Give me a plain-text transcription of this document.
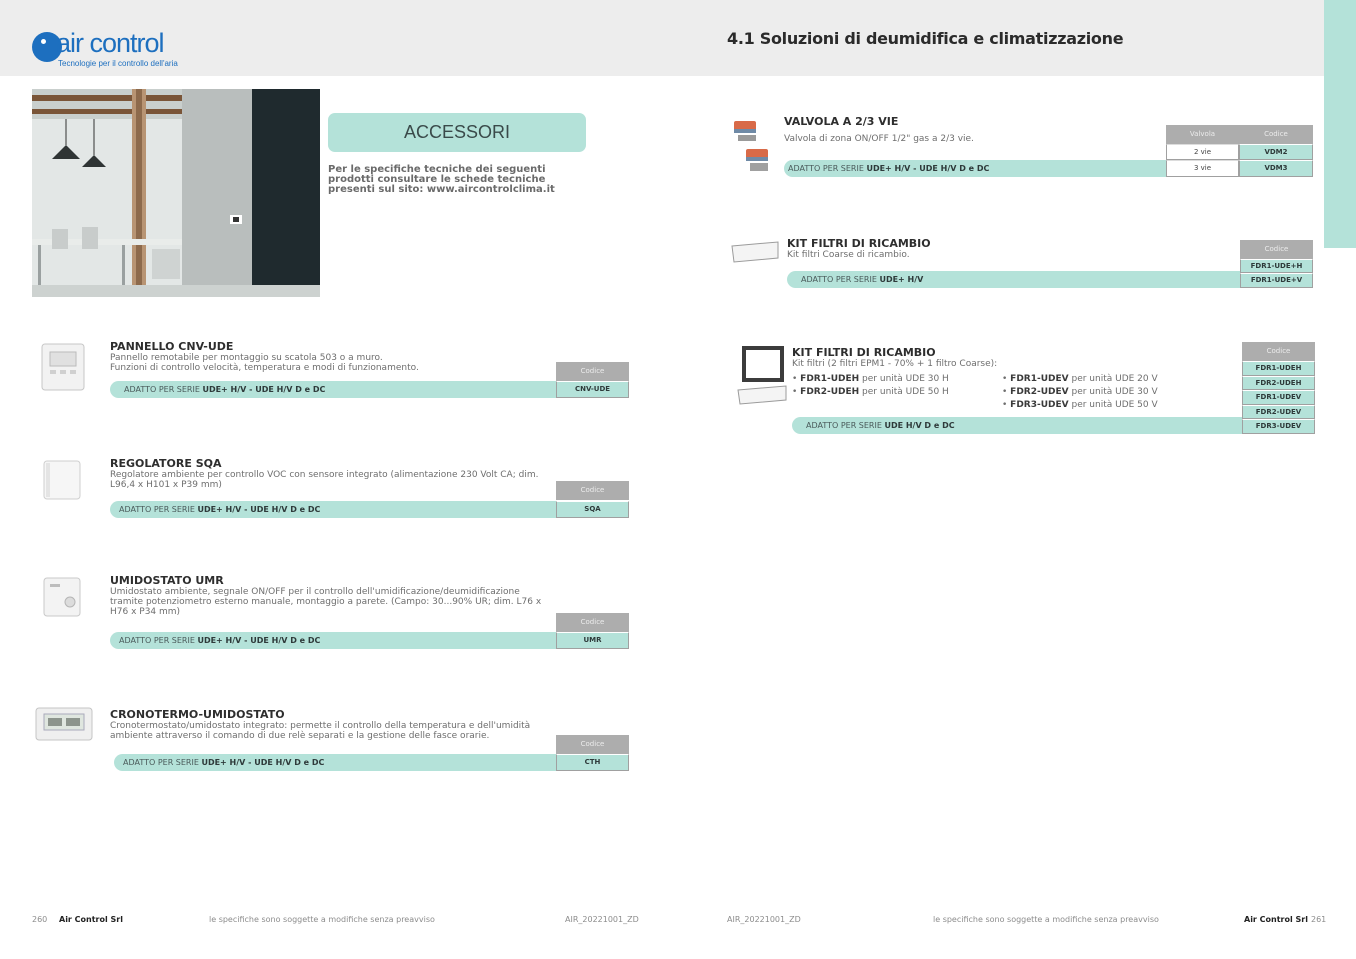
air control
Tecnologie per il controllo dell'aria
4.1 Soluzioni di deumidifica e climatizzazione
ACCESSORI
Per le specifiche tecniche dei seguenti prodotti consultare le schede tecniche presenti sul sito: www.aircontrolclima.it
PANNELLO CNV-UDE
Pannello remotabile per montaggio su scatola 503 o a muro.
Funzioni di controllo velocità, temperatura e modi di funzionamento.	Codice
ADATTO PER SERIE UDE+ H/V - UDE H/V D e DC	CNV-UDE
REGOLATORE SQA
Regolatore ambiente per controllo VOC con sensore integrato (alimentazione 230 Volt CA; dim. L96,4 x H101 x P39 mm)	Codice
ADATTO PER SERIE UDE+ H/V - UDE H/V D e DC	SQA
UMIDOSTATO UMR
Umidostato ambiente, segnale ON/OFF per il controllo dell'umidificazione/deumidificazione tramite potenziometro esterno manuale, montaggio a parete. (Campo: 30...90% UR; dim. L76 x H76 x P34 mm)
Codice
ADATTO PER SERIE UDE+ H/V - UDE H/V D e DC	UMR
CRONOTERMO-UMIDOSTATO
Cronotermostato/umidostato integrato: permette il controllo della temperatura e dell'umidità ambiente attraverso il comando di due relè separati e la gestione delle fasce orarie.
Codice
ADATTO PER SERIE UDE+ H/V - UDE H/V D e DC	CTH
VALVOLA A 2/3 VIE
Valvola di zona ON/OFF 1/2" gas a 2/3 vie.	Valvola	Codice
2 vie	VDM2
ADATTO PER SERIE UDE+ H/V - UDE H/V D e DC	3 vie	VDM3
KIT FILTRI DI RICAMBIO
Kit filtri Coarse di ricambio.
Codice
FDR1-UDE+H
ADATTO PER SERIE UDE+ H/V	FDR1-UDE+V
KIT FILTRI DI RICAMBIO
Kit filtri (2 filtri EPM1 - 70% + 1 filtro Coarse):
• FDR1-UDEH per unità UDE 30 H
• FDR2-UDEH per unità UDE 50 H
• FDR1-UDEV per unità UDE 20 V
• FDR2-UDEV per unità UDE 30 V
• FDR3-UDEV per unità UDE 50 V
Codice
FDR1-UDEH
FDR2-UDEH
FDR1-UDEV
FDR2-UDEV
ADATTO PER SERIE UDE H/V D e DC	FDR3-UDEV
260 Air Control Srl	le specifiche sono soggette a modifiche senza preavviso	AIR_20221001_ZD	AIR_20221001_ZD	le specifiche sono soggette a modifiche senza preavviso	Air Control Srl 261
